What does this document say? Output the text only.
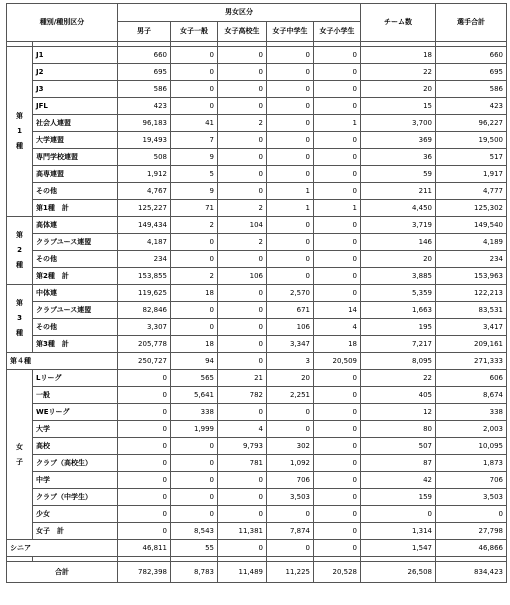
種別/種別区分		男女区分					チーム数	選手合計
		男子	女子一般	女子高校生	女子中学生	女子小学生		

第
1
種	J1	660	0	0	0	0	18	660
	J2	695	0	0	0	0	22	695
	J3	586	0	0	0	0	20	586
	JFL	423	0	0	0	0	15	423
	社会人連盟	96,183	41	2	0	1	3,700	96,227
	大学連盟	19,493	7	0	0	0	369	19,500
	専門学校連盟	508	9	0	0	0	36	517
	高専連盟	1,912	5	0	0	0	59	1,917
	その他	4,767	9	0	1	0	211	4,777
	第1種　計	125,227	71	2	1	1	4,450	125,302

第
2
種	高体連	149,434	2	104	0	0	3,719	149,540
	クラブユース連盟	4,187	0	2	0	0	146	4,189
	その他	234	0	0	0	0	20	234
	第2種　計	153,855	2	106	0	0	3,885	153,963

第
3
種	中体連	119,625	18	0	2,570	0	5,359	122,213
	クラブユース連盟	82,846	0	0	671	14	1,663	83,531
	その他	3,307	0	0	106	4	195	3,417
	第3種　計	205,778	18	0	3,347	18	7,217	209,161
第４種		250,727	94	0	3	20,509	8,095	271,333

女
子	Lリーグ	0	565	21	20	0	22	606
	一般	0	5,641	782	2,251	0	405	8,674
	WEリーグ	0	338	0	0	0	12	338
	大学	0	1,999	4	0	0	80	2,003
	高校	0	0	9,793	302	0	507	10,095
	クラブ（高校生）	0	0	781	1,092	0	87	1,873
	中学	0	0	0	706	0	42	706
	クラブ（中学生）	0	0	0	3,503	0	159	3,503
	少女	0	0	0	0	0	0	0
	女子　計	0	8,543	11,381	7,874	0	1,314	27,798
シニア		46,811	55	0	0	0	1,547	46,866

合計		782,398	8,783	11,489	11,225	20,528	26,508	834,423
